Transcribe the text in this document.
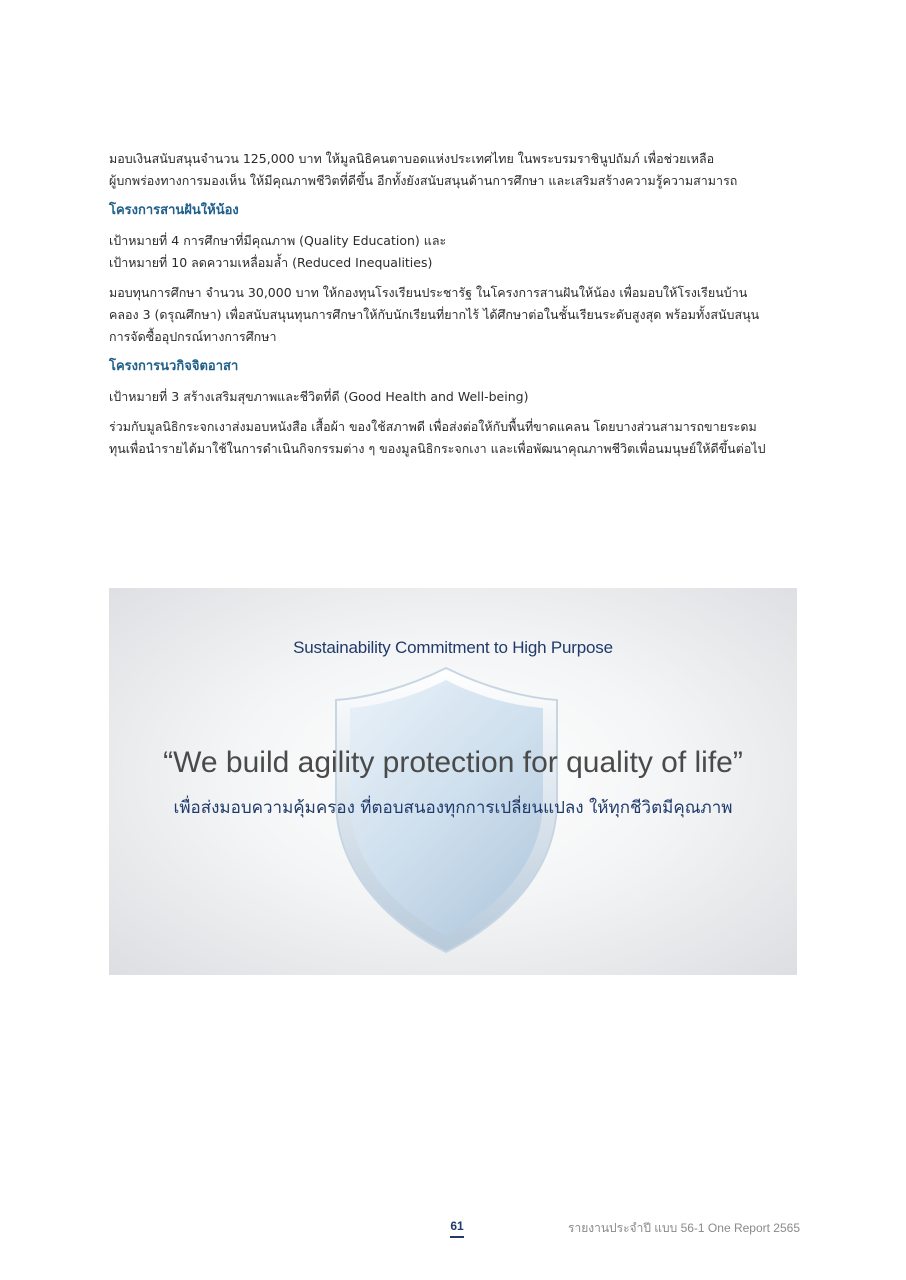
มอบเงินสนับสนุนจำนวน 125,000 บาท ให้มูลนิธิคนตาบอดแห่งประเทศไทย ในพระบรมราชินูปถัมภ์ เพื่อช่วยเหลือ
ผู้บกพร่องทางการมองเห็น ให้มีคุณภาพชีวิตที่ดีขึ้น อีกทั้งยังสนับสนุนด้านการศึกษา และเสริมสร้างความรู้ความสามารถ

โครงการสานฝันให้น้อง
เป้าหมายที่ 4 การศึกษาที่มีคุณภาพ (Quality Education) และ
เป้าหมายที่ 10 ลดความเหลื่อมล้ำ (Reduced Inequalities)

มอบทุนการศึกษา จำนวน 30,000 บาท ให้กองทุนโรงเรียนประชารัฐ ในโครงการสานฝันให้น้อง เพื่อมอบให้โรงเรียนบ้าน
คลอง 3 (ดรุณศึกษา) เพื่อสนับสนุนทุนการศึกษาให้กับนักเรียนที่ยากไร้ ได้ศึกษาต่อในชั้นเรียนระดับสูงสุด พร้อมทั้งสนับสนุน
การจัดซื้ออุปกรณ์ทางการศึกษา

โครงการนวกิจจิตอาสา
เป้าหมายที่ 3 สร้างเสริมสุขภาพและชีวิตที่ดี (Good Health and Well-being)

ร่วมกับมูลนิธิกระจกเงาส่งมอบหนังสือ เสื้อผ้า ของใช้สภาพดี เพื่อส่งต่อให้กับพื้นที่ขาดแคลน โดยบางส่วนสามารถขายระดม
ทุนเพื่อนำรายได้มาใช้ในการดำเนินกิจกรรมต่าง ๆ ของมูลนิธิกระจกเงา และเพื่อพัฒนาคุณภาพชีวิตเพื่อนมนุษย์ให้ดีขึ้นต่อไป

Sustainability Commitment to High Purpose
“We build agility protection for quality of life”
เพื่อส่งมอบความคุ้มครอง ที่ตอบสนองทุกการเปลี่ยนแปลง ให้ทุกชีวิตมีคุณภาพ
61	รายงานประจำปี แบบ 56-1 One Report 2565
